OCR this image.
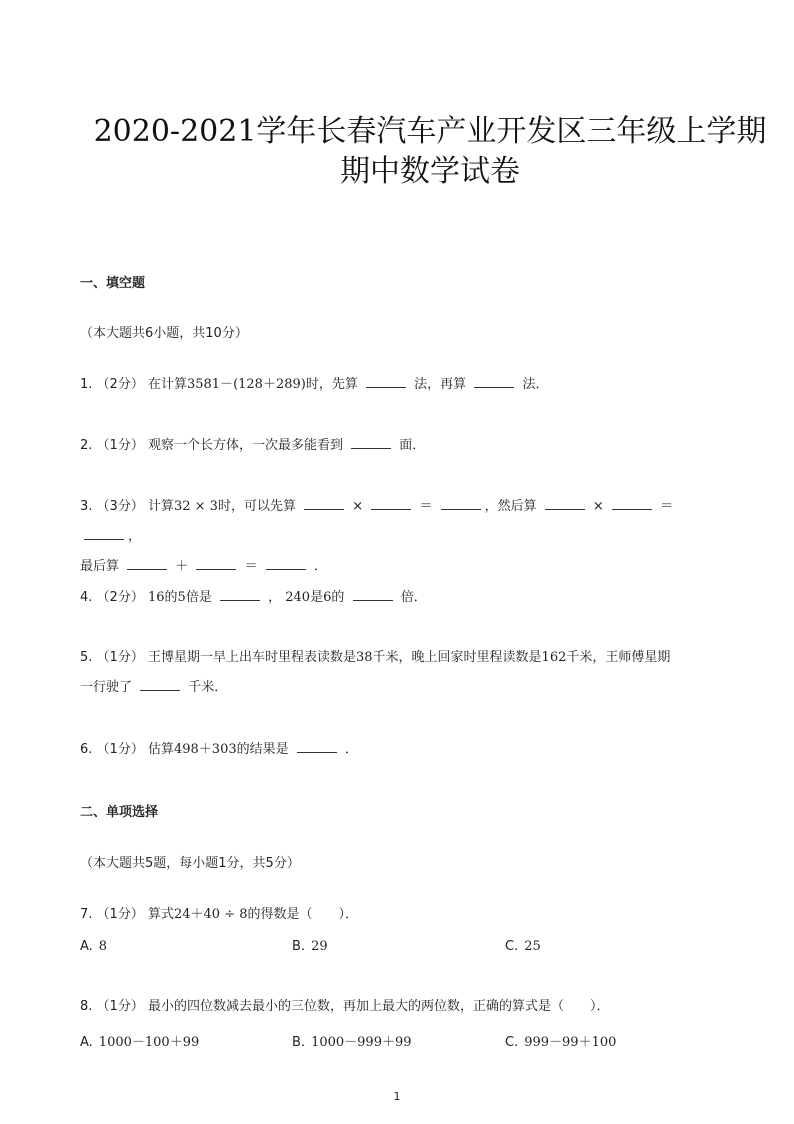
2020-2021学年长春汽车产业开发区三年级上学期
期中数学试卷
一、填空题
（本大题共6小题，共10分）
1. （2分） 在计算3581－(128＋289)时，先算	法，再算	法．
2. （1分） 观察一个长方体，一次最多能看到	面．
3. （3分） 计算32 × 3时，可以先算	×	＝	，然后算	×	＝ ，
最后算	＋	＝	．
4. （2分） 16的5倍是	， 240是6的	倍．
5. （1分） 王博星期一早上出车时里程表读数是38千米，晚上回家时里程读数是162千米，王师傅星期
一行驶了	千米．
6. （1分） 估算498＋303的结果是	．
二、单项选择
（本大题共5题，每小题1分，共5分）
7. （1分） 算式24＋40 ÷ 8的得数是（　　）．
A. 8	B. 29	C. 25
8. （1分） 最小的四位数减去最小的三位数，再加上最大的两位数，正确的算式是（　　）．
A. 1000－100＋99	B. 1000－999＋99	C. 999－99＋100
1
